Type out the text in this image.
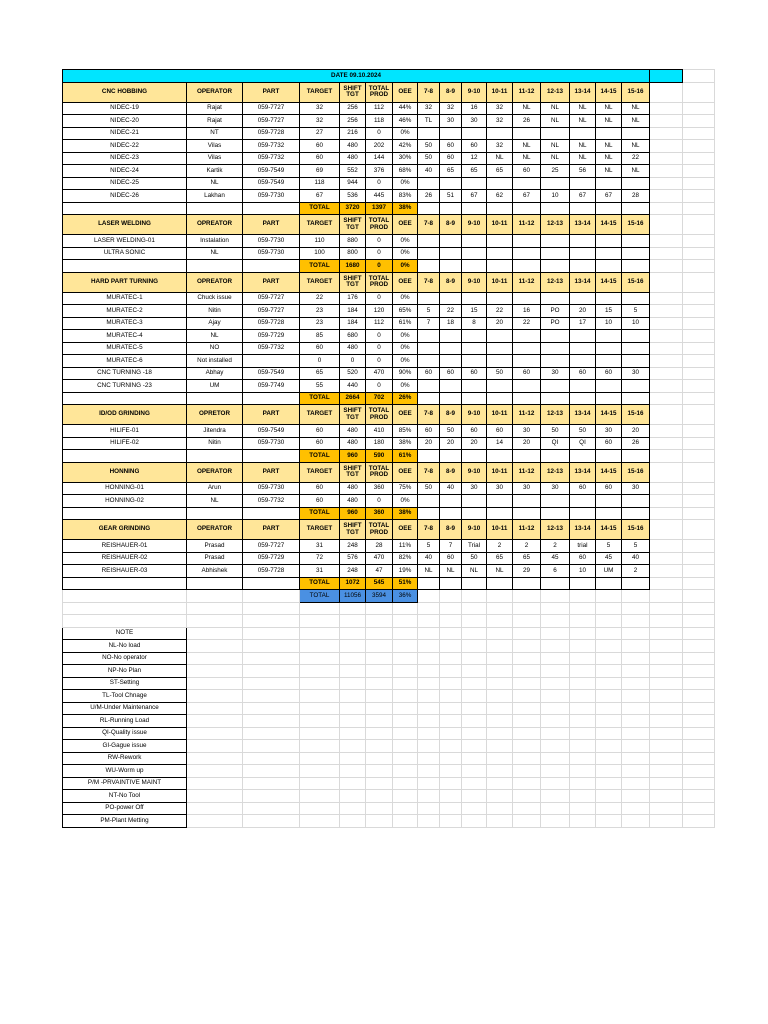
DATE 09.10.2024																	
CNC HOBBING	OPERATOR	PART	TARGET	SHIFT TGT	TOTAL PROD	OEE	7-8	8-9	9-10	10-11	11-12	12-13	13-14	14-15	15-16		
NIDEC-19	Rajat	059-7727	32	256	112	44%	32	32	16	32	NL	NL	NL	NL	NL		
NIDEC-20	Rajat	059-7727	32	256	118	46%	TL	30	30	32	26	NL	NL	NL	NL		
NIDEC-21	NT	059-7728	27	216	0	0%											
NIDEC-22	Vilas	059-7732	60	480	202	42%	50	60	60	32	NL	NL	NL	NL	NL		
NIDEC-23	Vilas	059-7732	60	480	144	30%	50	60	12	NL	NL	NL	NL	NL	22		
NIDEC-24	Kartik	059-7549	69	552	376	68%	40	65	65	65	60	25	56	NL	NL		
NIDEC-25	NL	059-7549	118	944	0	0%											
NIDEC-26	Lakhan	059-7730	67	536	445	83%	26	51	67	62	67	10	67	67	28		
			TOTAL	3720	1397	38%											
LASER WELDING	OPREATOR	PART	TARGET	SHIFT TGT	TOTAL PROD	OEE	7-8	8-9	9-10	10-11	11-12	12-13	13-14	14-15	15-16		
LASER WELDING-01	Instalation	059-7730	110	880	0	0%											
ULTRA SONIC	NL	059-7730	100	800	0	0%											
			TOTAL	1680	0	0%											
HARD PART TURNING	OPREATOR	PART	TARGET	SHIFT TGT	TOTAL PROD	OEE	7-8	8-9	9-10	10-11	11-12	12-13	13-14	14-15	15-16		
MURATEC-1	Chuck issue	059-7727	22	176	0	0%											
MURATEC-2	Nitin	059-7727	23	184	120	65%	5	22	15	22	16	PO	20	15	5		
MURATEC-3	Ajay	059-7728	23	184	112	61%	7	18	8	20	22	PO	17	10	10		
MURATEC-4	NL	059-7729	85	680	0	0%											
MURATEC-5	NO	059-7732	60	480	0	0%											
MURATEC-6	Not installed		0	0	0	0%											
CNC TURNING -18	Abhay	059-7549	65	520	470	90%	60	60	60	50	60	30	60	60	30		
CNC TURNING -23	UM	059-7749	55	440	0	0%											
			TOTAL	2664	702	26%											
ID/OD GRINDING	OPRETOR	PART	TARGET	SHIFT TGT	TOTAL PROD	OEE	7-8	8-9	9-10	10-11	11-12	12-13	13-14	14-15	15-16		
HILIFE-01	Jitendra	059-7549	60	480	410	85%	60	50	60	60	30	50	50	30	20		
HILIFE-02	Nitin	059-7730	60	480	180	38%	20	20	20	14	20	QI	QI	60	26		
			TOTAL	960	590	61%											
HONNING	OPERATOR	PART	TARGET	SHIFT TGT	TOTAL PROD	OEE	7-8	8-9	9-10	10-11	11-12	12-13	13-14	14-15	15-16		
HONNING-01	Arun	059-7730	60	480	360	75%	50	40	30	30	30	30	60	60	30		
HONNING-02	NL	059-7732	60	480	0	0%											
			TOTAL	960	360	38%											
GEAR GRINDING	OPERATOR	PART	TARGET	SHIFT TGT	TOTAL PROD	OEE	7-8	8-9	9-10	10-11	11-12	12-13	13-14	14-15	15-16		
REISHAUER-01	Prasad	059-7727	31	248	28	11%	5	7	Trial	2	2	2	trial	5	5		
REISHAUER-02	Prasad	059-7729	72	576	470	82%	40	60	50	65	65	45	60	45	40		
REISHAUER-03	Abhishek	059-7728	31	248	47	19%	NL	NL	NL	NL	29	6	10	UM	2		
			TOTAL	1072	545	51%											
			TOTAL	11056	3594	36%											

NOTE																	
NL-No load																	
NO-No operator																	
NP-No Plan																	
ST-Setting																	
TL-Tool Chnage																	
U/M-Under Maintenance																	
RL-Running Load																	
QI-Quality issue																	
GI-Gague issue																	
RW-Rework																	
WU-Worm up																	
P/M -PRVAINTIVE MAINT																	
NT-No Tool																	
PO-power Off																	
PM-Plant Metting																	
